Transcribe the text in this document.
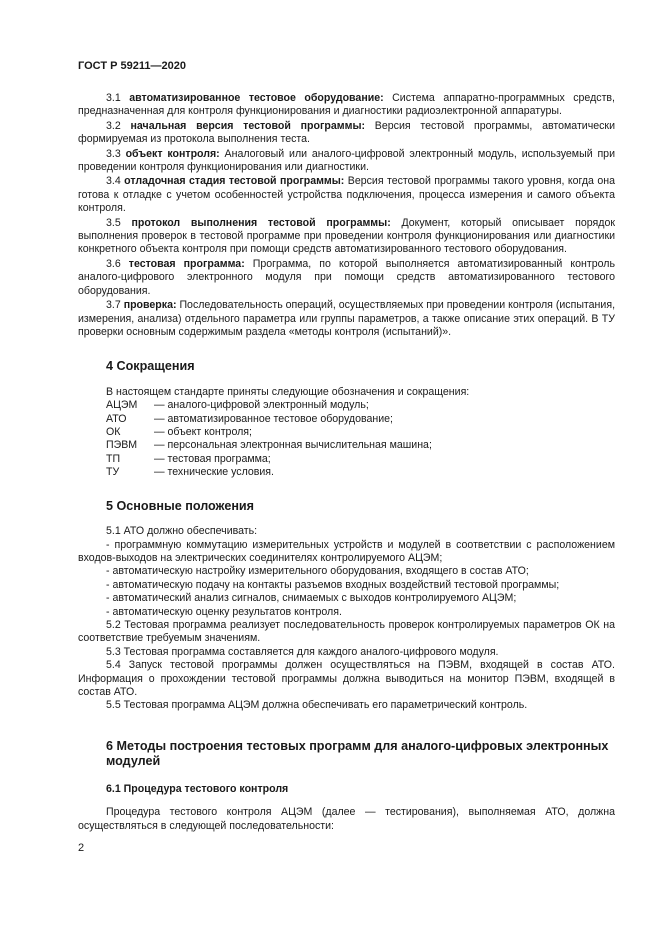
ГОСТ Р 59211—2020

3.1 автоматизированное тестовое оборудование: Система аппаратно-программных средств, предназначенная для контроля функционирования и диагностики радиоэлектронной аппаратуры.

3.2 начальная версия тестовой программы: Версия тестовой программы, автоматически формируемая из протокола выполнения теста.

3.3 объект контроля: Аналоговый или аналого-цифровой электронный модуль, используемый при проведении контроля функционирования или диагностики.

3.4 отладочная стадия тестовой программы: Версия тестовой программы такого уровня, когда она готова к отладке с учетом особенностей устройства подключения, процесса измерения и самого объекта контроля.

3.5 протокол выполнения тестовой программы: Документ, который описывает порядок выполнения проверок в тестовой программе при проведении контроля функционирования или диагностики конкретного объекта контроля при помощи средств автоматизированного тестового оборудования.

3.6 тестовая программа: Программа, по которой выполняется автоматизированный контроль аналого-цифрового электронного модуля при помощи средств автоматизированного тестового оборудования.

3.7 проверка: Последовательность операций, осуществляемых при проведении контроля (испытания, измерения, анализа) отдельного параметра или группы параметров, а также описание этих операций. В ТУ проверки основным содержимым раздела «методы контроля (испытаний)».

4 Сокращения

В настоящем стандарте приняты следующие обозначения и сокращения:

АЦЭМ	— аналого-цифровой электронный модуль;
АТО	— автоматизированное тестовое оборудование;
ОК	— объект контроля;
ПЭВМ	— персональная электронная вычислительная машина;
ТП	— тестовая программа;
ТУ	— технические условия.
5 Основные положения

5.1 АТО должно обеспечивать:

- программную коммутацию измерительных устройств и модулей в соответствии с расположением входов-выходов на электрических соединителях контролируемого АЦЭМ;

- автоматическую настройку измерительного оборудования, входящего в состав АТО;

- автоматическую подачу на контакты разъемов входных воздействий тестовой программы;

- автоматический анализ сигналов, снимаемых с выходов контролируемого АЦЭМ;

- автоматическую оценку результатов контроля.

5.2 Тестовая программа реализует последовательность проверок контролируемых параметров ОК на соответствие требуемым значениям.

5.3 Тестовая программа составляется для каждого аналого-цифрового модуля.

5.4 Запуск тестовой программы должен осуществляться на ПЭВМ, входящей в состав АТО. Информация о прохождении тестовой программы должна выводиться на монитор ПЭВМ, входящей в состав АТО.

5.5 Тестовая программа АЦЭМ должна обеспечивать его параметрический контроль.

6 Методы построения тестовых программ для аналого-цифровых электронных модулей
6.1 Процедура тестового контроля

Процедура тестового контроля АЦЭМ (далее — тестирования), выполняемая АТО, должна осуществляться в следующей последовательности:

2
